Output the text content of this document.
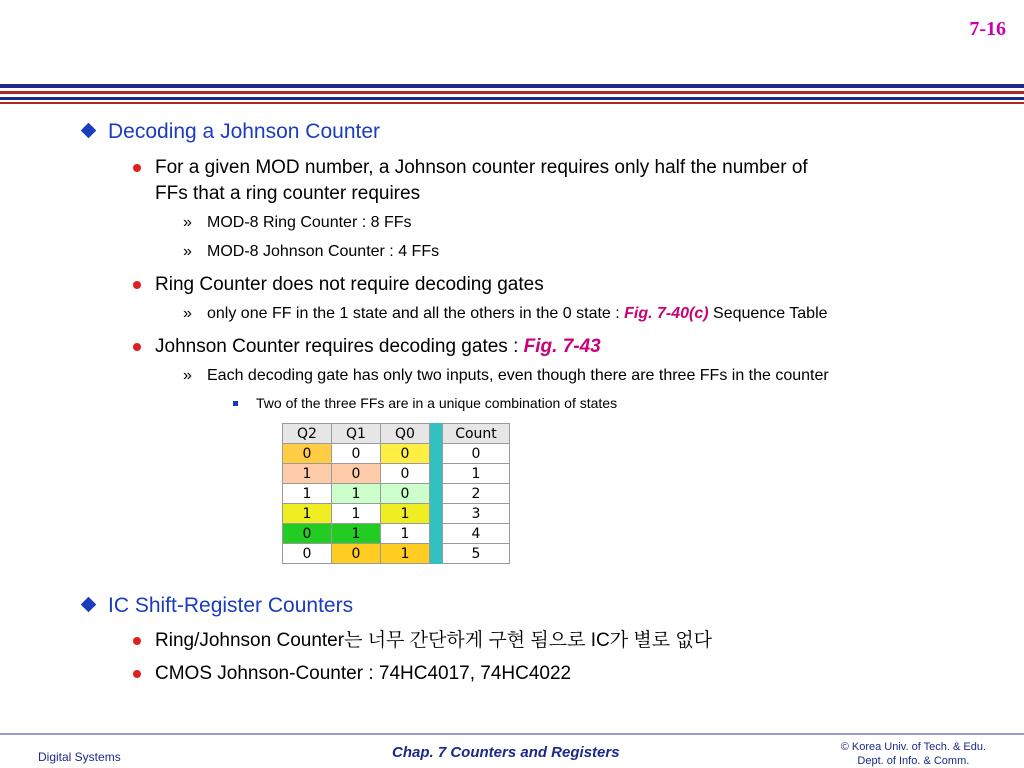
7-16
Decoding a Johnson Counter
For a given MOD number, a Johnson counter requires only half the number of
FFs that a ring counter requires
» MOD-8 Ring Counter : 8 FFs
» MOD-8 Johnson Counter : 4 FFs
Ring Counter does not require decoding gates
» only one FF in the 1 state and all the others in the 0 state : Fig. 7-40(c) Sequence Table
Johnson Counter requires decoding gates : Fig. 7-43
» Each decoding gate has only two inputs, even though there are three FFs in the counter
Two of the three FFs are in a unique combination of states
Q2	Q1	Q0		Count
0	0	0		0
1	0	0		1
1	1	0		2
1	1	1		3
0	1	1		4
0	0	1		5
IC Shift-Register Counters
Ring/Johnson Counter는 너무 간단하게 구현 됨으로 IC가 별로 없다
CMOS Johnson-Counter : 74HC4017, 74HC4022
Digital Systems	Chap. 7 Counters and Registers	© Korea Univ. of Tech. & Edu.
Dept. of Info. & Comm.
